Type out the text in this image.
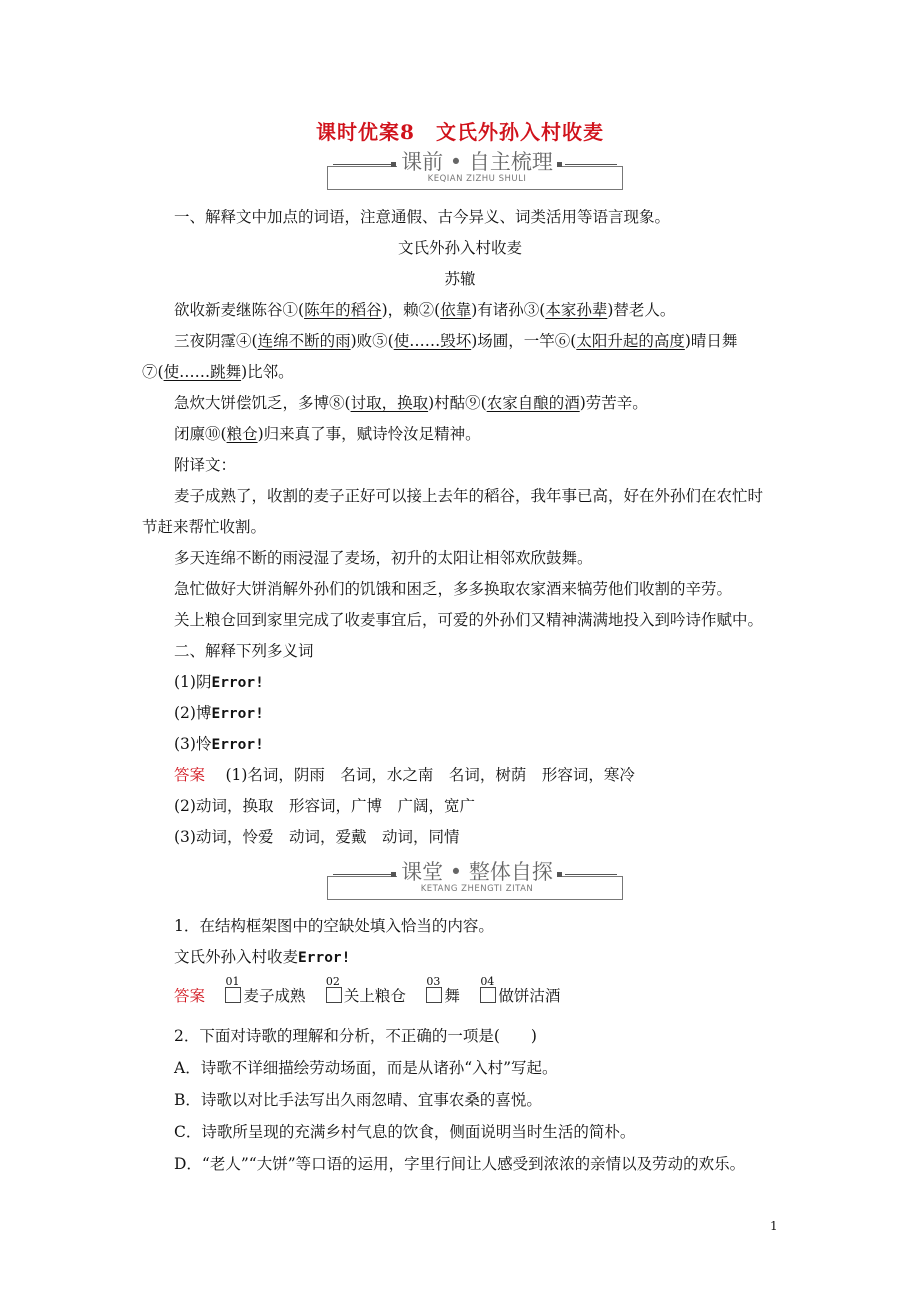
课时优案8　文氏外孙入村收麦
课前 • 自主梳理
KEQIAN ZIZHU SHULI
一、解释文中加点的词语，注意通假、古今异义、词类活用等语言现象。
文氏外孙入村收麦
苏辙
欲收新麦继陈谷①(陈年的稻谷)，赖②(依靠)有诸孙③(本家孙辈)替老人。
三夜阴霪④(连绵不断的雨)败⑤(使……毁坏)场圃，一竿⑥(太阳升起的高度)晴日舞
⑦(使……跳舞)比邻。
急炊大饼偿饥乏，多博⑧(讨取，换取)村酤⑨(农家自酿的酒)劳苦辛。
闭廪⑩(粮仓)归来真了事，赋诗怜汝足精神。
附译文：
麦子成熟了，收割的麦子正好可以接上去年的稻谷，我年事已高，好在外孙们在农忙时
节赶来帮忙收割。
多天连绵不断的雨浸湿了麦场，初升的太阳让相邻欢欣鼓舞。
急忙做好大饼消解外孙们的饥饿和困乏，多多换取农家酒来犒劳他们收割的辛劳。
关上粮仓回到家里完成了收麦事宜后，可爱的外孙们又精神满满地投入到吟诗作赋中。
二、解释下列多义词
(1)阴Error!
(2)博Error!
(3)怜Error!
答案　 (1)名词，阴雨　名词，水之南　名词，树荫　形容词，寒冷
(2)动词，换取　形容词，广博　广阔，宽广
(3)动词，怜爱　动词，爱戴　动词，同情
课堂 • 整体自探
KETANG ZHENGTI ZITAN
1．在结构框架图中的空缺处填入恰当的内容。
文氏外孙入村收麦Error!
答案　
01
麦子成熟　
02
关上粮仓　
03
舞　
04
做饼沽酒
2．下面对诗歌的理解和分析，不正确的一项是(　　)
A．诗歌不详细描绘劳动场面，而是从诸孙“入村”写起。
B．诗歌以对比手法写出久雨忽晴、宜事农桑的喜悦。
C．诗歌所呈现的充满乡村气息的饮食，侧面说明当时生活的简朴。
D．“老人”“大饼”等口语的运用，字里行间让人感受到浓浓的亲情以及劳动的欢乐。
1
